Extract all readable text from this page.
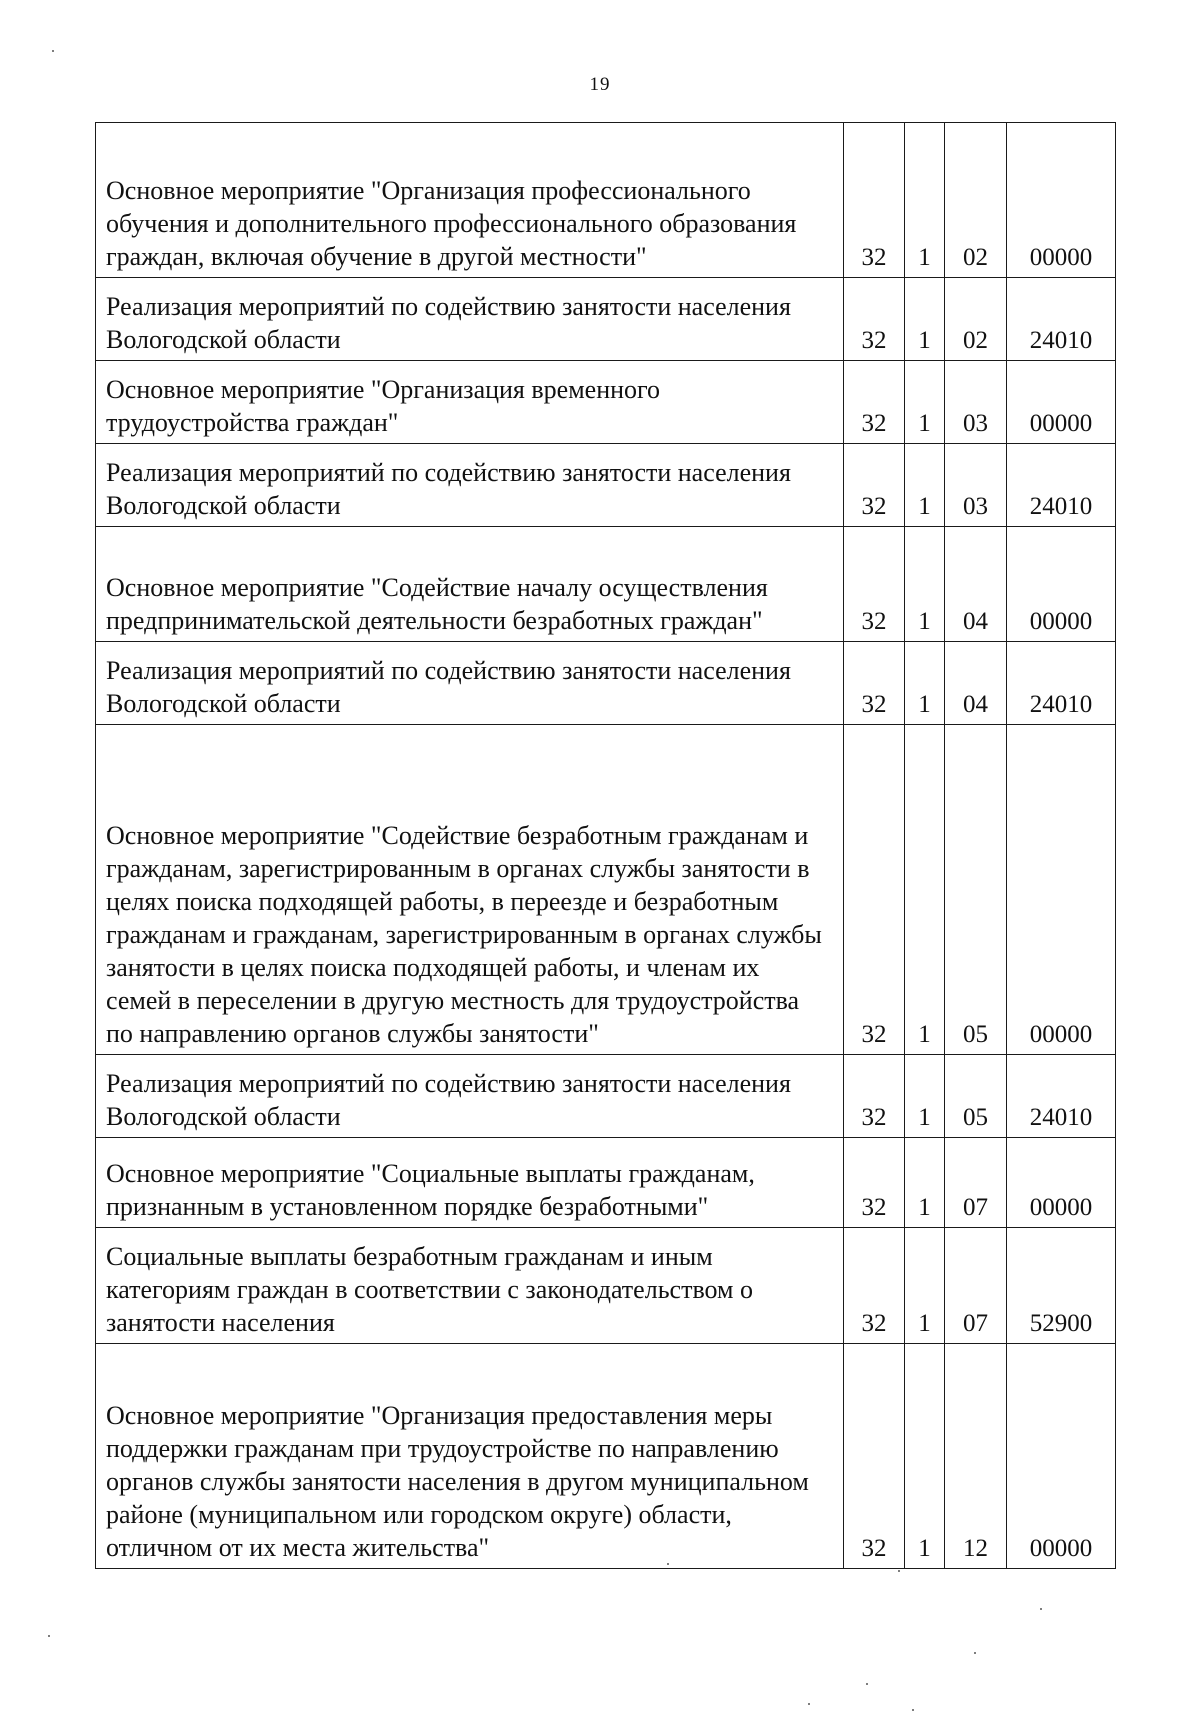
19
Основное мероприятие "Организация профессионального обучения и дополнительного профессионального образования граждан, включая обучение в другой местности"	32	1	02	00000
Реализация мероприятий по содействию занятости населения Вологодской области	32	1	02	24010
Основное мероприятие "Организация временного трудоустройства граждан"	32	1	03	00000
Реализация мероприятий по содействию занятости населения Вологодской области	32	1	03	24010
Основное мероприятие "Содействие началу осуществления предпринимательской деятельности безработных граждан"	32	1	04	00000
Реализация мероприятий по содействию занятости населения Вологодской области	32	1	04	24010
Основное мероприятие "Содействие безработным гражданам и гражданам, зарегистрированным в органах службы занятости в целях поиска подходящей работы, в переезде и безработным гражданам и гражданам, зарегистрированным в органах службы занятости в целях поиска подходящей работы, и членам их семей в переселении в другую местность для трудоустройства по направлению органов службы занятости"	32	1	05	00000
Реализация мероприятий по содействию занятости населения Вологодской области	32	1	05	24010
Основное мероприятие "Социальные выплаты гражданам, признанным в установленном порядке безработными"	32	1	07	00000
Социальные выплаты безработным гражданам и иным категориям граждан в соответствии с законодательством о занятости населения	32	1	07	52900
Основное мероприятие "Организация предоставления меры поддержки гражданам при трудоустройстве по направлению органов службы занятости населения в другом муниципальном районе (муниципальном или городском округе) области, отличном от их места жительства"	32	1	12	00000
